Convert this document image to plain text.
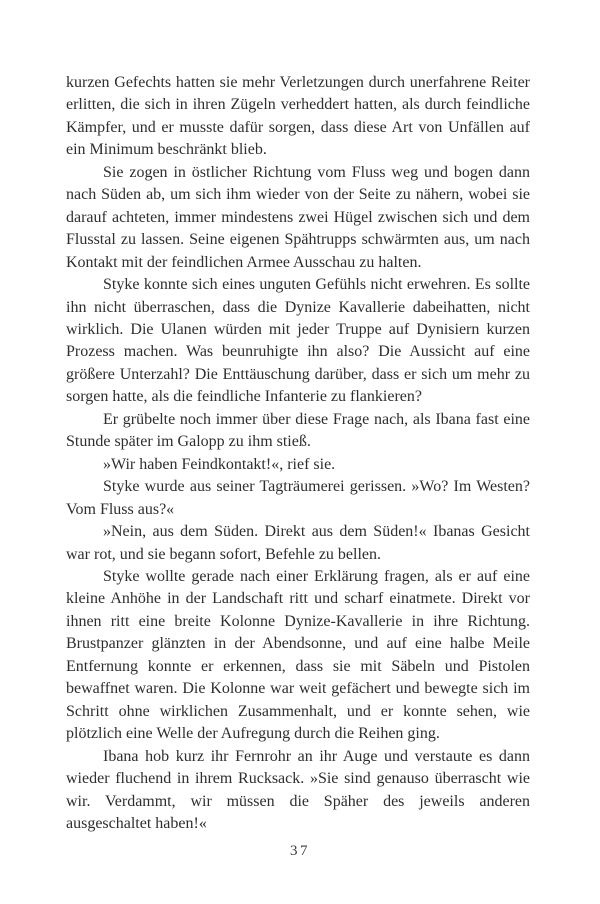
kurzen Gefechts hatten sie mehr Verletzungen durch unerfahrene Reiter erlitten, die sich in ihren Zügeln verheddert hatten, als durch feindliche Kämpfer, und er musste dafür sorgen, dass diese Art von Unfällen auf ein Minimum beschränkt blieb.

Sie zogen in östlicher Richtung vom Fluss weg und bogen dann nach Süden ab, um sich ihm wieder von der Seite zu nähern, wobei sie darauf achteten, immer mindestens zwei Hügel zwischen sich und dem Flusstal zu lassen. Seine eigenen Spähtrupps schwärmten aus, um nach Kontakt mit der feindlichen Armee Ausschau zu halten.

Styke konnte sich eines unguten Gefühls nicht erwehren. Es sollte ihn nicht überraschen, dass die Dynize Kavallerie dabeihatten, nicht wirklich. Die Ulanen würden mit jeder Truppe auf Dynisiern kurzen Prozess machen. Was beunruhigte ihn also? Die Aussicht auf eine größere Unterzahl? Die Enttäuschung darüber, dass er sich um mehr zu sorgen hatte, als die feindliche Infanterie zu flankieren?

Er grübelte noch immer über diese Frage nach, als Ibana fast eine Stunde später im Galopp zu ihm stieß.

»Wir haben Feindkontakt!«, rief sie.

Styke wurde aus seiner Tagträumerei gerissen. »Wo? Im Westen? Vom Fluss aus?«

»Nein, aus dem Süden. Direkt aus dem Süden!« Ibanas Gesicht war rot, und sie begann sofort, Befehle zu bellen.

Styke wollte gerade nach einer Erklärung fragen, als er auf eine kleine Anhöhe in der Landschaft ritt und scharf einatmete. Direkt vor ihnen ritt eine breite Kolonne Dynize-Kavallerie in ihre Richtung. Brustpanzer glänzten in der Abendsonne, und auf eine halbe Meile Entfernung konnte er erkennen, dass sie mit Säbeln und Pistolen bewaffnet waren. Die Kolonne war weit gefächert und bewegte sich im Schritt ohne wirklichen Zusammenhalt, und er konnte sehen, wie plötzlich eine Welle der Aufregung durch die Reihen ging.

Ibana hob kurz ihr Fernrohr an ihr Auge und verstaute es dann wieder fluchend in ihrem Rucksack. »Sie sind genauso überrascht wie wir. Verdammt, wir müssen die Späher des jeweils anderen ausgeschaltet haben!«

37
